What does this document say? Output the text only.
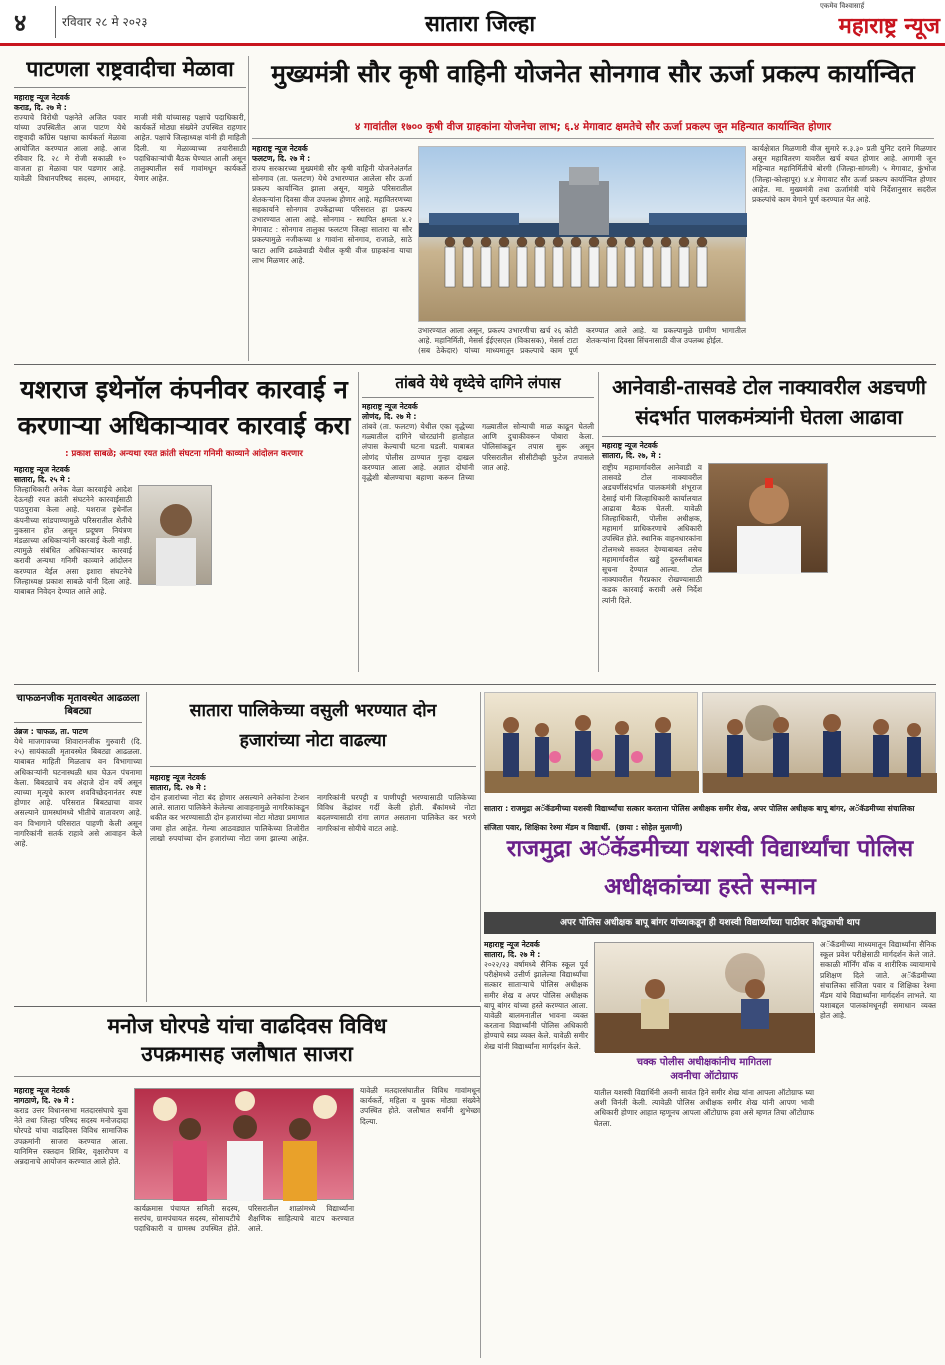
४	रविवार २८ मे २०२३	सातारा जिल्हा
एकमेव विश्वासार्ह
महाराष्ट्र न्यूज
पाटणला राष्ट्रवादीचा मेळावा
महाराष्ट्र न्यूज नेटवर्क
कराड, दि. २७ मे :
राज्याचे विरोधी पक्षनेते अजित पवार यांच्या उपस्थितीत आज पाटण येथे राष्ट्रवादी काँग्रेस पक्षाचा कार्यकर्ता मेळावा आयोजित करण्यात आला आहे. आज रविवार दि. २८ मे रोजी सकाळी १० वाजता हा मेळावा पार पडणार आहे. यावेळी विधानपरिषद सदस्य, आमदार, माजी मंत्री यांच्यासह पक्षाचे पदाधिकारी, कार्यकर्ते मोठ्या संख्येने उपस्थित राहणार आहेत. पक्षाचे जिल्हाध्यक्ष यांनी ही माहिती दिली. या मेळाव्याच्या तयारीसाठी पदाधिकाऱ्यांची बैठक घेण्यात आली असून तालुक्यातील सर्व गावांमधून कार्यकर्ते येणार आहेत.
मुख्यमंत्री सौर कृषी वाहिनी योजनेत सोनगाव सौर ऊर्जा प्रकल्प कार्यान्वित
४ गावांतील १७०० कृषी वीज ग्राहकांना योजनेचा लाभ; ६.४ मेगावाट क्षमतेचे सौर ऊर्जा प्रकल्प जून महिन्यात कार्यान्वित होणार
महाराष्ट्र न्यूज नेटवर्क
फलटण, दि. २७ मे :
राज्य सरकारच्या मुख्यमंत्री सौर कृषी वाहिनी योजनेअंतर्गत सोनगाव (ता. फलटण) येथे उभारण्यात आलेला सौर ऊर्जा प्रकल्प कार्यान्वित झाला असून, यामुळे परिसरातील शेतकऱ्यांना दिवसा वीज उपलब्ध होणार आहे. महावितरणच्या सहकार्याने सोनगाव उपकेंद्राच्या परिसरात हा प्रकल्प उभारण्यात आला आहे. सोनगाव - स्थापित क्षमता ४.२ मेगावाट : सोनगाव तालुका फलटण जिल्हा सातारा या सौर प्रकल्पामुळे नजीकच्या ४ गावांना सोनगाव, राजाळे, साठे फाटा आणि ढवळेवाडी येथील कृषी वीज ग्राहकांना याचा लाभ मिळणार आहे.
उभारण्यात आला असून, प्रकल्प उभारणीचा खर्च २६ कोटी आहे. महानिर्मिती, मेसर्स ईईएसएल (विकासक), मेसर्स टाटा (सब ठेकेदार) यांच्या माध्यमातून प्रकल्पाचे काम पूर्ण करण्यात आले आहे. या प्रकल्पामुळे ग्रामीण भागातील शेतकऱ्यांना दिवसा सिंचनासाठी वीज उपलब्ध होईल.
कार्यक्षेत्रात मिळणारी वीज सुमारे रु.३.३० प्रती युनिट दराने मिळणार असून महावितरण यावरील खर्च बचत होणार आहे. आगामी जून महिन्यात महानिर्मितीचे बोरगी (जिल्हा-सांगली) ५ मेगावाट, कुंभोज (जिल्हा-कोल्हापूर) ४.४ मेगावाट सौर ऊर्जा प्रकल्प कार्यान्वित होणार आहेत. मा. मुख्यमंत्री तथा ऊर्जामंत्री यांचे निर्देशानुसार सदरील प्रकल्पांचे काम वेगाने पूर्ण करण्यात येत आहे.
यशराज इथेनॉल कंपनीवर कारवाई न करणाऱ्या अधिकाऱ्यावर कारवाई करा
: प्रकाश साबळे; अन्यथा रयत क्रांती संघटना गनिमी काव्याने आंदोलन करणार
महाराष्ट्र न्यूज नेटवर्क
सातारा, दि. २५ मे :
जिल्हाधिकारी अनेक वेळा कारवाईचे आदेश देऊनही रयत क्रांती संघटनेने कारवाईसाठी पाठपुरावा केला आहे. यशराज इथेनॉल कंपनीच्या सांडपाण्यामुळे परिसरातील शेतीचे नुकसान होत असून प्रदूषण नियंत्रण मंडळाच्या अधिकाऱ्यांनी कारवाई केली नाही. त्यामुळे संबंधित अधिकाऱ्यांवर कारवाई करावी अन्यथा गनिमी काव्याने आंदोलन करण्यात येईल असा इशारा संघटनेचे जिल्हाध्यक्ष प्रकाश साबळे यांनी दिला आहे. याबाबत निवेदन देण्यात आले आहे.
तांबवे येथे वृध्देचे दागिने लंपास
महाराष्ट्र न्यूज नेटवर्क
लोणंद, दि. २७ मे :
तांबवे (ता. फलटण) येथील एका वृद्धेच्या गळ्यातील दागिने चोरट्यांनी हातोहात लंपास केल्याची घटना घडली. याबाबत लोणंद पोलीस ठाण्यात गुन्हा दाखल करण्यात आला आहे. अज्ञात दोघांनी वृद्धेशी बोलण्याचा बहाणा करून तिच्या गळ्यातील सोन्याची माळ काढून घेतली आणि दुचाकीवरून पोबारा केला. पोलिसांकडून तपास सुरू असून परिसरातील सीसीटीव्ही फुटेज तपासले जात आहे.
आनेवाडी-तासवडे टोल नाक्यावरील अडचणी संदर्भात पालकमंत्र्यांनी घेतला आढावा
महाराष्ट्र न्यूज नेटवर्क
सातारा, दि. २७, मे :
राष्ट्रीय महामार्गावरील आनेवाडी व तासवडे टोल नाक्यावरील अडचणींसंदर्भात पालकमंत्री शंभूराज देसाई यांनी जिल्हाधिकारी कार्यालयात आढावा बैठक घेतली. यावेळी जिल्हाधिकारी, पोलीस अधीक्षक, महामार्ग प्राधिकरणाचे अधिकारी उपस्थित होते. स्थानिक वाहनधारकांना टोलमध्ये सवलत देण्याबाबत तसेच महामार्गावरील खड्डे दुरुस्तीबाबत सूचना देण्यात आल्या. टोल नाक्यावरील गैरप्रकार रोखण्यासाठी कडक कारवाई करावी असे निर्देश त्यांनी दिले.
चाफळनजीक मृतावस्थेत आढळला बिबट्या
उंब्रज : चाफळ, ता. पाटण
येथे माजगावच्या शिवारानजीक गुरुवारी (दि. २५) सायंकाळी मृतावस्थेत बिबट्या आढळला. याबाबत माहिती मिळताच वन विभागाच्या अधिकाऱ्यांनी घटनास्थळी धाव घेऊन पंचनामा केला. बिबट्याचे वय अंदाजे दोन वर्षे असून त्याच्या मृत्यूचे कारण शवविच्छेदनानंतर स्पष्ट होणार आहे. परिसरात बिबट्याचा वावर असल्याने ग्रामस्थांमध्ये भीतीचे वातावरण आहे. वन विभागाने परिसरात पाहणी केली असून नागरिकांनी सतर्क राहावे असे आवाहन केले आहे.
सातारा पालिकेच्या वसुली भरण्यात दोन हजारांच्या नोटा वाढल्या
महाराष्ट्र न्यूज नेटवर्क
सातारा, दि. २७ मे :
दोन हजारांच्या नोटा बंद होणार असल्याने अनेकांना टेन्शन आले. सातारा पालिकेने केलेल्या आवाहनामुळे नागरिकांकडून थकीत कर भरण्यासाठी दोन हजारांच्या नोटा मोठ्या प्रमाणात जमा होत आहेत. गेल्या आठवड्यात पालिकेच्या तिजोरीत लाखो रुपयांच्या दोन हजारांच्या नोटा जमा झाल्या आहेत. नागरिकांनी घरपट्टी व पाणीपट्टी भरण्यासाठी पालिकेच्या विविध केंद्रांवर गर्दी केली होती. बँकांमध्ये नोटा बदलण्यासाठी रांगा लागत असताना पालिकेत कर भरणे नागरिकांना सोयीचे वाटत आहे.
सातारा : राजमुद्रा अॅकॅडमीच्या यशस्वी विद्यार्थ्यांचा सत्कार करताना पोलिस अधीक्षक समीर शेख, अपर पोलिस अधीक्षक बापू बांगर, अॅकॅडमीच्या संचालिका संजिता पवार, शिक्षिका रेश्मा मॅडम व विद्यार्थी. (छाया : सोहेल मुलाणी)
राजमुद्रा अॅकॅडमीच्या यशस्वी विद्यार्थ्यांचा पोलिस अधीक्षकांच्या हस्ते सन्मान
अपर पोलिस अधीक्षक बापू बांगर यांच्याकडून ही यशस्वी विद्यार्थ्यांच्या पाठीवर कौतुकाची थाप
मनोज घोरपडे यांचा वाढदिवस विविध
उपक्रमासह जलौषात साजरा
महाराष्ट्र न्यूज नेटवर्क
नागठाणे, दि. २७ मे :
कराड उत्तर विधानसभा मतदारसंघाचे युवा नेते तथा जिल्हा परिषद सदस्य मनोजदादा घोरपडे यांचा वाढदिवस विविध सामाजिक उपक्रमांनी साजरा करण्यात आला. यानिमित्त रक्तदान शिबिर, वृक्षारोपण व अन्नदानाचे आयोजन करण्यात आले होते.
कार्यक्रमास पंचायत समिती सदस्य, सरपंच, ग्रामपंचायत सदस्य, सोसायटीचे पदाधिकारी व ग्रामस्थ उपस्थित होते. परिसरातील शाळांमध्ये विद्यार्थ्यांना शैक्षणिक साहित्याचे वाटप करण्यात आले.
यावेळी मतदारसंघातील विविध गावांमधून कार्यकर्ते, महिला व युवक मोठ्या संख्येने उपस्थित होते. जलौषात सर्वांनी शुभेच्छा दिल्या.
महाराष्ट्र न्यूज नेटवर्क
सातारा, दि. २७ मे :
२०२२/२३ वर्षामध्ये सैनिक स्कूल पूर्व परीक्षेमध्ये उत्तीर्ण झालेल्या विद्यार्थ्यांचा सत्कार साताऱ्याचे पोलिस अधीक्षक समीर शेख व अपर पोलिस अधीक्षक बापू बांगर यांच्या हस्ते करण्यात आला. यावेळी बालमनातील भावना व्यक्त करताना विद्यार्थ्यांनी पोलिस अधिकारी होण्याचे स्वप्न व्यक्त केले. यावेळी समीर शेख यांनी विद्यार्थ्यांना मार्गदर्शन केले.
चक्क पोलीस अधीक्षकांनीच मागितला
अवनीचा ऑटोग्राफ
यातील यशस्वी विद्यार्थिनी अवनी सावंत हिने समीर शेख यांना आपला ऑटोग्राफ घ्या अशी विनंती केली. त्यावेळी पोलिस अधीक्षक समीर शेख यांनी आपण भावी अधिकारी होणार आहात म्हणूनच आपला ऑटोग्राफ हवा असे म्हणत तिचा ऑटोग्राफ घेतला.
अॅकॅडमीच्या माध्यमातून विद्यार्थ्यांना सैनिक स्कूल प्रवेश परीक्षेसाठी मार्गदर्शन केले जाते. सकाळी मॉर्निंग वॉक व शारीरिक व्यायामाचे प्रशिक्षण दिले जाते. अॅकॅडमीच्या संचालिका संजिता पवार व शिक्षिका रेश्मा मॅडम यांचे विद्यार्थ्यांना मार्गदर्शन लाभले. या यशाबद्दल पालकांमधूनही समाधान व्यक्त होत आहे.
